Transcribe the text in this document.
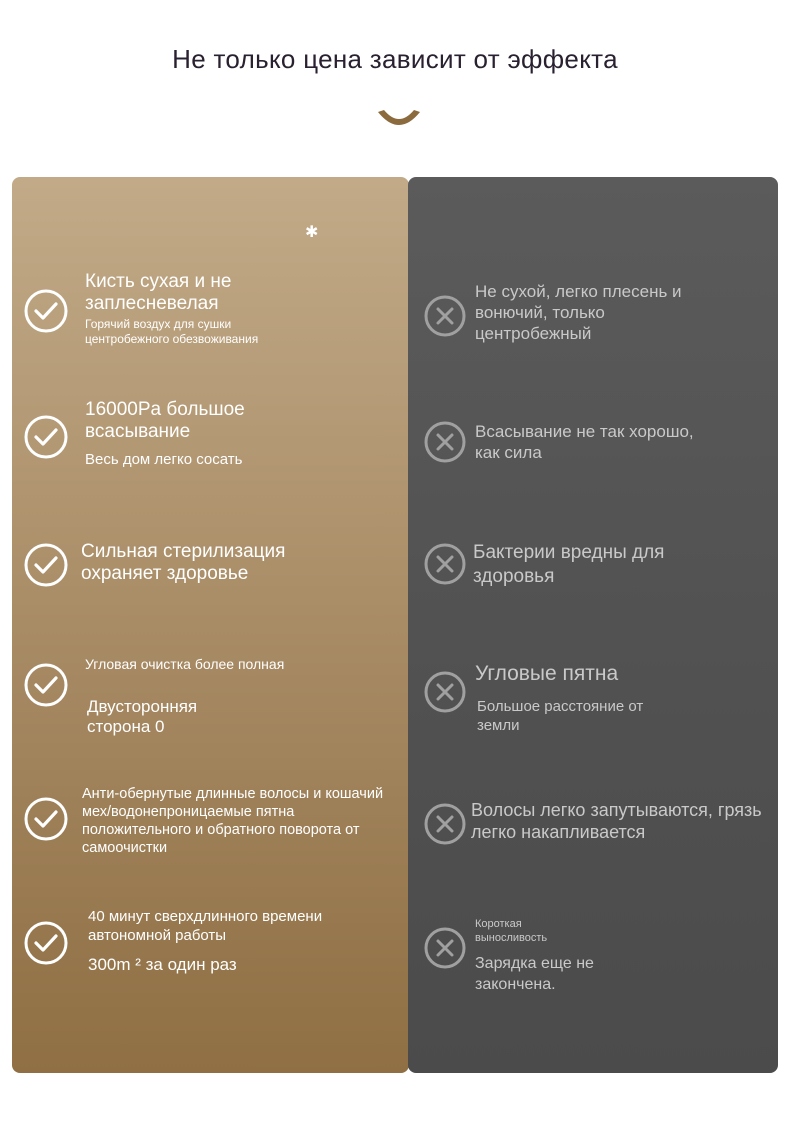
Не только цена зависит от эффекта
Кисть сухая и не заплесневелая
Горячий воздух для сушки центробежного обезвоживания
16000Pa большое всасывание
Весь дом легко сосать
Сильная стерилизация охраняет здоровье
Угловая очистка более полная
Двусторонняя сторона 0
Анти-обернутые длинные волосы и кошачий мех/водонепроницаемые пятна положительного и обратного поворота от самоочистки
40 минут сверхдлинного времени автономной работы
300m ² за один раз
✱
Не сухой, легко плесень и вонючий, только центробежный
Всасывание не так хорошо, как сила
Бактерии вредны для здоровья
Угловые пятна
Большое расстояние от земли
Волосы легко запутываются, грязь легко накапливается
Короткая выносливость
Зарядка еще не закончена.
